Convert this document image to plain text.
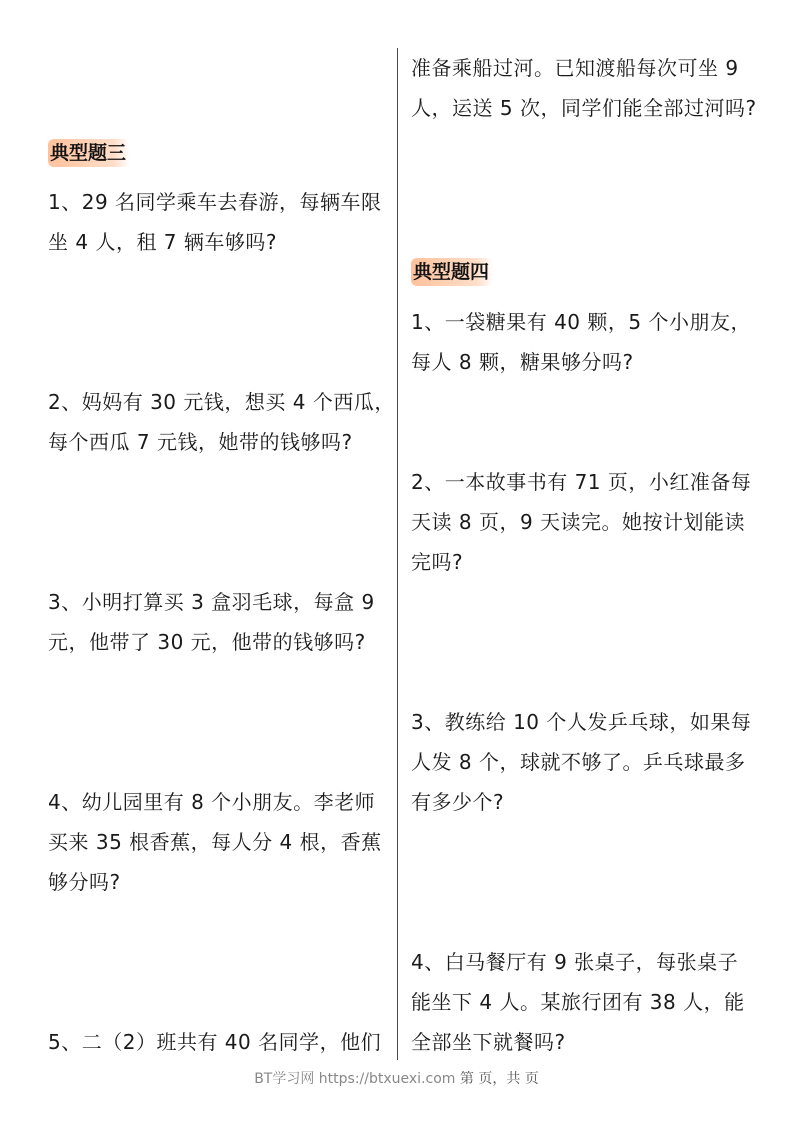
典型题三
1、29 名同学乘车去春游，每辆车限
坐 4 人，租 7 辆车够吗?
2、妈妈有 30 元钱，想买 4 个西瓜，
每个西瓜 7 元钱，她带的钱够吗?
3、小明打算买 3 盒羽毛球，每盒 9
元，他带了 30 元，他带的钱够吗?
4、幼儿园里有 8 个小朋友。李老师
买来 35 根香蕉，每人分 4 根，香蕉
够分吗?
5、二（2）班共有 40 名同学，他们
准备乘船过河。已知渡船每次可坐 9
人，运送 5 次，同学们能全部过河吗?
典型题四
1、一袋糖果有 40 颗，5 个小朋友，
每人 8 颗，糖果够分吗?
2、一本故事书有 71 页，小红准备每
天读 8 页，9 天读完。她按计划能读
完吗?
3、教练给 10 个人发乒乓球，如果每
人发 8 个，球就不够了。乒乓球最多
有多少个?
4、白马餐厅有 9 张桌子，每张桌子
能坐下 4 人。某旅行团有 38 人，能
全部坐下就餐吗?
BT学习网 https://btxuexi.com 第 页，共 页
